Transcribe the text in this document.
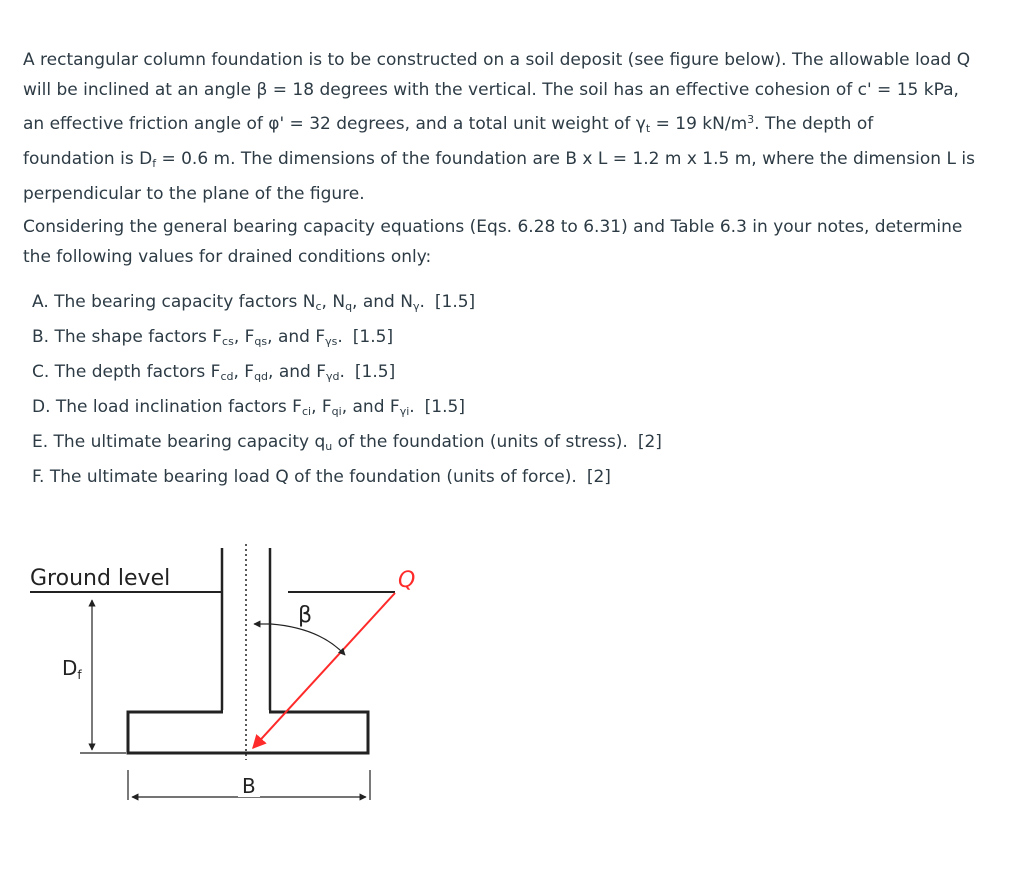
A rectangular column foundation is to be constructed on a soil deposit (see figure below). The allowable load Q
will be inclined at an angle β = 18 degrees with the vertical. The soil has an effective cohesion of c' = 15 kPa,
an effective friction angle of φ' = 32 degrees, and a total unit weight of $\gamma_t = 19$ $kN/m^3$. The depth of
foundation is $D_f = 0.6$ m. The dimensions of the foundation are B x L = 1.2 m x 1.5 m, where the dimension L is
perpendicular to the plane of the figure.

Considering the general bearing capacity equations (Eqs. 6.28 to 6.31) and Table 6.3 in your notes, determine
the following values for drained conditions only:

A. The bearing capacity factors $N_c$, $N_q$, and $N_\gamma$. [1.5]
B. The shape factors $F_{cs}$, $F_{qs}$, and $F_{\gamma s}$. [1.5]
C. The depth factors $F_{cd}$, $F_{qd}$, and $F_{\gamma d}$. [1.5]
D. The load inclination factors $F_{ci}$, $F_{qi}$, and $F_{\gamma i}$. [1.5]
E. The ultimate bearing capacity $q_u$ of the foundation (units of stress). [2]
F. The ultimate bearing load Q of the foundation (units of force). [2]
Ground level
$D_f$
B
Q
β
